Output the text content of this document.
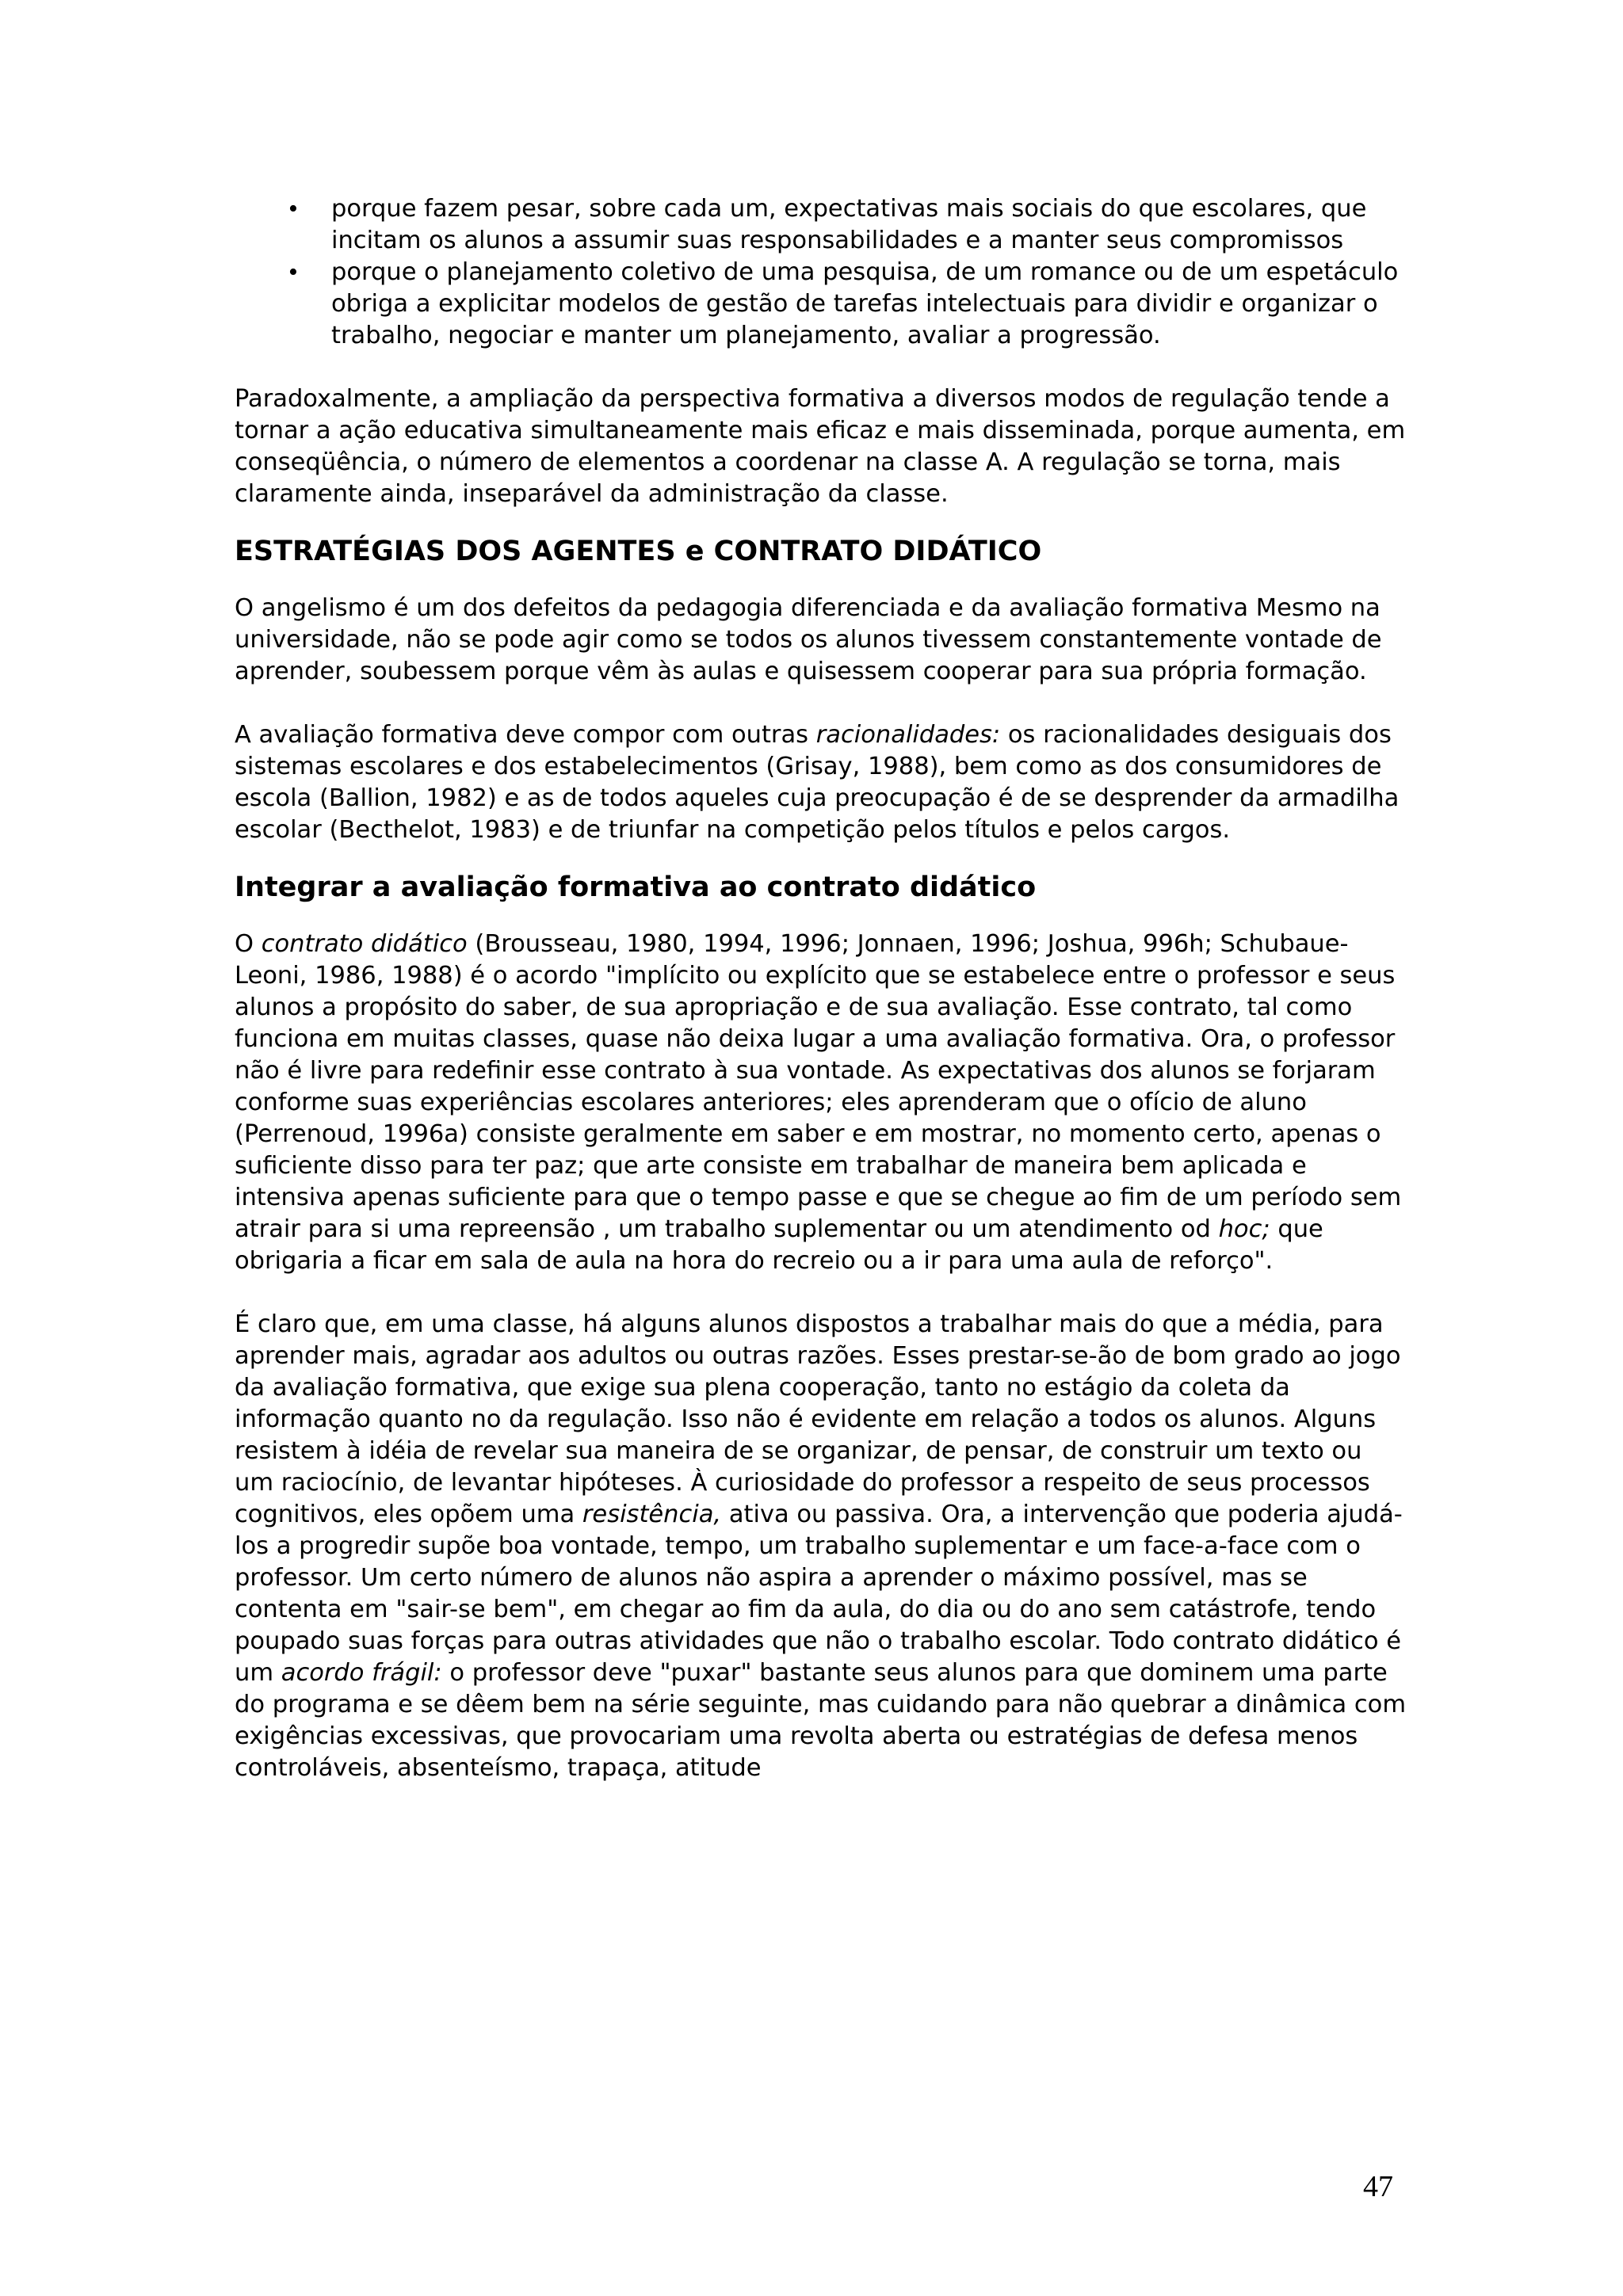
• porque fazem pesar, sobre cada um, expectativas mais sociais do que escolares, que incitam os alunos a assumir suas responsabilidades e a manter seus compromissos
• porque o planejamento coletivo de uma pesquisa, de um romance ou de um espetáculo obriga a explicitar modelos de gestão de tarefas intelectuais para dividir e organizar o trabalho, negociar e manter um planejamento, avaliar a progressão.

Paradoxalmente, a ampliação da perspectiva formativa a diversos modos de regulação tende a tornar a ação educativa simultaneamente mais eficaz e mais disseminada, porque aumenta, em conseqüência, o número de elementos a coordenar na classe A. A regulação se torna, mais claramente ainda, inseparável da administração da classe.

ESTRATÉGIAS DOS AGENTES e CONTRATO DIDÁTICO

O angelismo é um dos defeitos da pedagogia diferenciada e da avaliação formativa Mesmo na universidade, não se pode agir como se todos os alunos tivessem constantemente vontade de aprender, soubessem porque vêm às aulas e quisessem cooperar para sua própria formação.

A avaliação formativa deve compor com outras racionalidades: os racionalidades desiguais dos sistemas escolares e dos estabelecimentos (Grisay, 1988), bem como as dos consumidores de escola (Ballion, 1982) e as de todos aqueles cuja preocupação é de se desprender da armadilha escolar (Becthelot, 1983) e de triunfar na competição pelos títulos e pelos cargos.

Integrar a avaliação formativa ao contrato didático

O contrato didático (Brousseau, 1980, 1994, 1996; Jonnaen, 1996; Joshua, 996h; Schubaue-Leoni, 1986, 1988) é o acordo "implícito ou explícito que se estabelece entre o professor e seus alunos a propósito do saber, de sua apropriação e de sua avaliação. Esse contrato, tal como funciona em muitas classes, quase não deixa lugar a uma avaliação formativa. Ora, o professor não é livre para redefinir esse contrato à sua vontade. As expectativas dos alunos se forjaram conforme suas experiências escolares anteriores; eles aprenderam que o ofício de aluno (Perrenoud, 1996a) consiste geralmente em saber e em mostrar, no momento certo, apenas o suficiente disso para ter paz; que arte consiste em trabalhar de maneira bem aplicada e intensiva apenas suficiente para que o tempo passe e que se chegue ao fim de um período sem atrair para si uma repreensão , um trabalho suplementar ou um atendimento od hoc; que obrigaria a ficar em sala de aula na hora do recreio ou a ir para uma aula de reforço".

É claro que, em uma classe, há alguns alunos dispostos a trabalhar mais do que a média, para aprender mais, agradar aos adultos ou outras razões. Esses prestar-se-ão de bom grado ao jogo da avaliação formativa, que exige sua plena cooperação, tanto no estágio da coleta da informação quanto no da regulação. Isso não é evidente em relação a todos os alunos. Alguns resistem à idéia de revelar sua maneira de se organizar, de pensar, de construir um texto ou um raciocínio, de levantar hipóteses. À curiosidade do professor a respeito de seus processos cognitivos, eles opõem uma resistência, ativa ou passiva. Ora, a intervenção que poderia ajudá-los a progredir supõe boa vontade, tempo, um trabalho suplementar e um face-a-face com o professor. Um certo número de alunos não aspira a aprender o máximo possível, mas se contenta em "sair-se bem", em chegar ao fim da aula, do dia ou do ano sem catástrofe, tendo poupado suas forças para outras atividades que não o trabalho escolar. Todo contrato didático é um acordo frágil: o professor deve "puxar" bastante seus alunos para que dominem uma parte do programa e se dêem bem na série seguinte, mas cuidando para não quebrar a dinâmica com exigências excessivas, que provocariam uma revolta aberta ou estratégias de defesa menos controláveis, absenteísmo, trapaça, atitude

47
